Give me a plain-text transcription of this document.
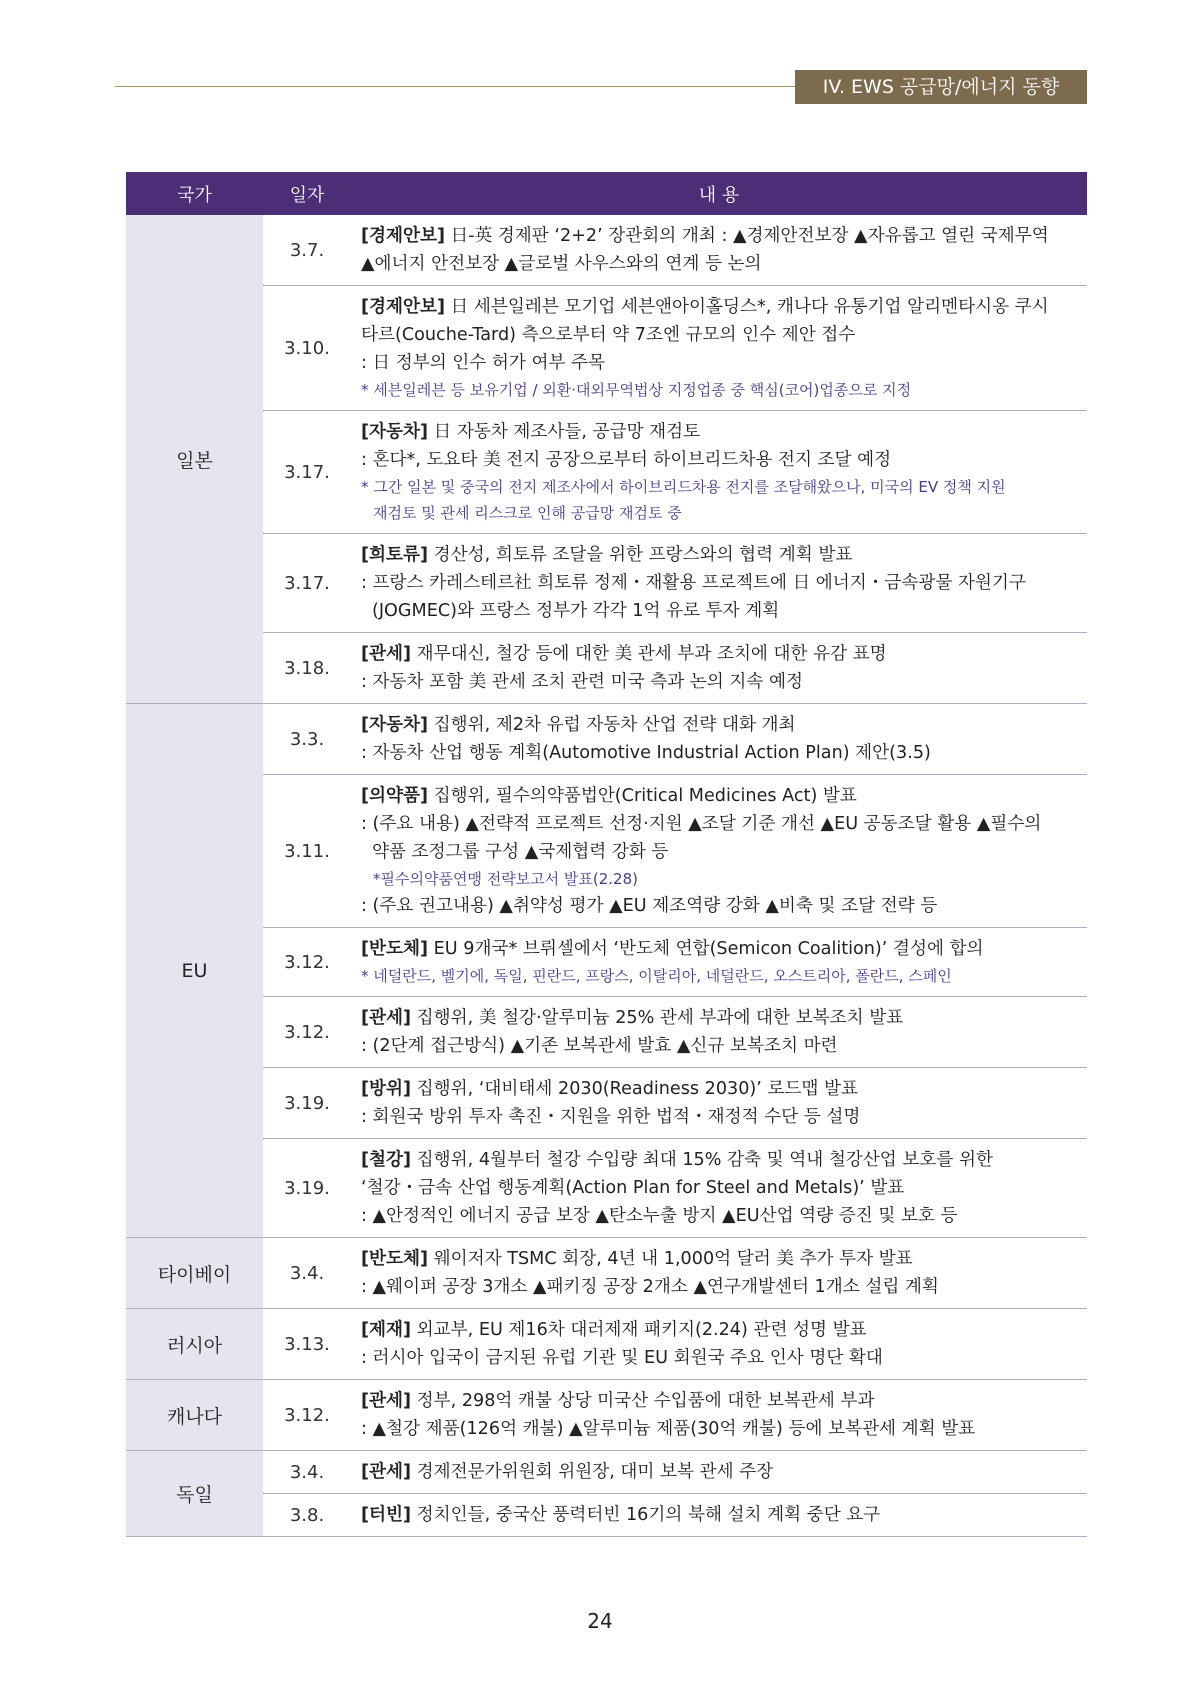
IV. EWS 공급망/에너지 동향
국가	일자	내 용
일본	3.7.	[경제안보] 日-英 경제판 ‘2+2’ 장관회의 개최 : ▲경제안전보장 ▲자유롭고 열린 국제무역
▲에너지 안전보장 ▲글로벌 사우스와의 연계 등 논의

	3.10.	[경제안보] 日 세븐일레븐 모기업 세븐앤아이홀딩스*, 캐나다 유통기업 알리멘타시옹 쿠시
타르(Couche-Tard) 측으로부터 약 7조엔 규모의 인수 제안 접수
: 日 정부의 인수 허가 여부 주목
* 세븐일레븐 등 보유기업 / 외환·대외무역법상 지정업종 중 핵심(코어)업종으로 지정

	3.17.	[자동차] 日 자동차 제조사들, 공급망 재검토
: 혼다*, 도요타 美 전지 공장으로부터 하이브리드차용 전지 조달 예정
* 그간 일본 및 중국의 전지 제조사에서 하이브리드차용 전지를 조달해왔으나, 미국의 EV 정책 지원
재검토 및 관세 리스크로 인해 공급망 재검토 중

	3.17.	[희토류] 경산성, 희토류 조달을 위한 프랑스와의 협력 계획 발표
: 프랑스 카레스테르社 희토류 정제・재활용 프로젝트에 日 에너지・금속광물 자원기구
(JOGMEC)와 프랑스 정부가 각각 1억 유로 투자 계획

	3.18.	[관세] 재무대신, 철강 등에 대한 美 관세 부과 조치에 대한 유감 표명
: 자동차 포함 美 관세 조치 관련 미국 측과 논의 지속 예정

EU	3.3.	[자동차] 집행위, 제2차 유럽 자동차 산업 전략 대화 개최
: 자동차 산업 행동 계획(Automotive Industrial Action Plan) 제안(3.5)

	3.11.	[의약품] 집행위, 필수의약품법안(Critical Medicines Act) 발표
: (주요 내용) ▲전략적 프로젝트 선정·지원 ▲조달 기준 개선 ▲EU 공동조달 활용 ▲필수의
약품 조정그룹 구성 ▲국제협력 강화 등
*필수의약품연맹 전략보고서 발표(2.28)
: (주요 권고내용) ▲취약성 평가 ▲EU 제조역량 강화 ▲비축 및 조달 전략 등

	3.12.	[반도체] EU 9개국* 브뤼셀에서 ‘반도체 연합(Semicon Coalition)’ 결성에 합의
* 네덜란드, 벨기에, 독일, 핀란드, 프랑스, 이탈리아, 네덜란드, 오스트리아, 폴란드, 스페인

	3.12.	[관세] 집행위, 美 철강·알루미늄 25% 관세 부과에 대한 보복조치 발표
: (2단계 접근방식) ▲기존 보복관세 발효 ▲신규 보복조치 마련

	3.19.	[방위] 집행위, ‘대비태세 2030(Readiness 2030)’ 로드맵 발표
: 회원국 방위 투자 촉진・지원을 위한 법적・재정적 수단 등 설명

	3.19.	[철강] 집행위, 4월부터 철강 수입량 최대 15% 감축 및 역내 철강산업 보호를 위한
‘철강・금속 산업 행동계획(Action Plan for Steel and Metals)’ 발표
: ▲안정적인 에너지 공급 보장 ▲탄소누출 방지 ▲EU산업 역량 증진 및 보호 등

타이베이	3.4.	[반도체] 웨이저자 TSMC 회장, 4년 내 1,000억 달러 美 추가 투자 발표
: ▲웨이퍼 공장 3개소 ▲패키징 공장 2개소 ▲연구개발센터 1개소 설립 계획

러시아	3.13.	[제재] 외교부, EU 제16차 대러제재 패키지(2.24) 관련 성명 발표
: 러시아 입국이 금지된 유럽 기관 및 EU 회원국 주요 인사 명단 확대

캐나다	3.12.	[관세] 정부, 298억 캐불 상당 미국산 수입품에 대한 보복관세 부과
: ▲철강 제품(126억 캐불) ▲알루미늄 제품(30억 캐불) 등에 보복관세 계획 발표

독일	3.4.	[관세] 경제전문가위원회 위원장, 대미 보복 관세 주장

	3.8.	[터빈] 정치인들, 중국산 풍력터빈 16기의 북해 설치 계획 중단 요구
24
